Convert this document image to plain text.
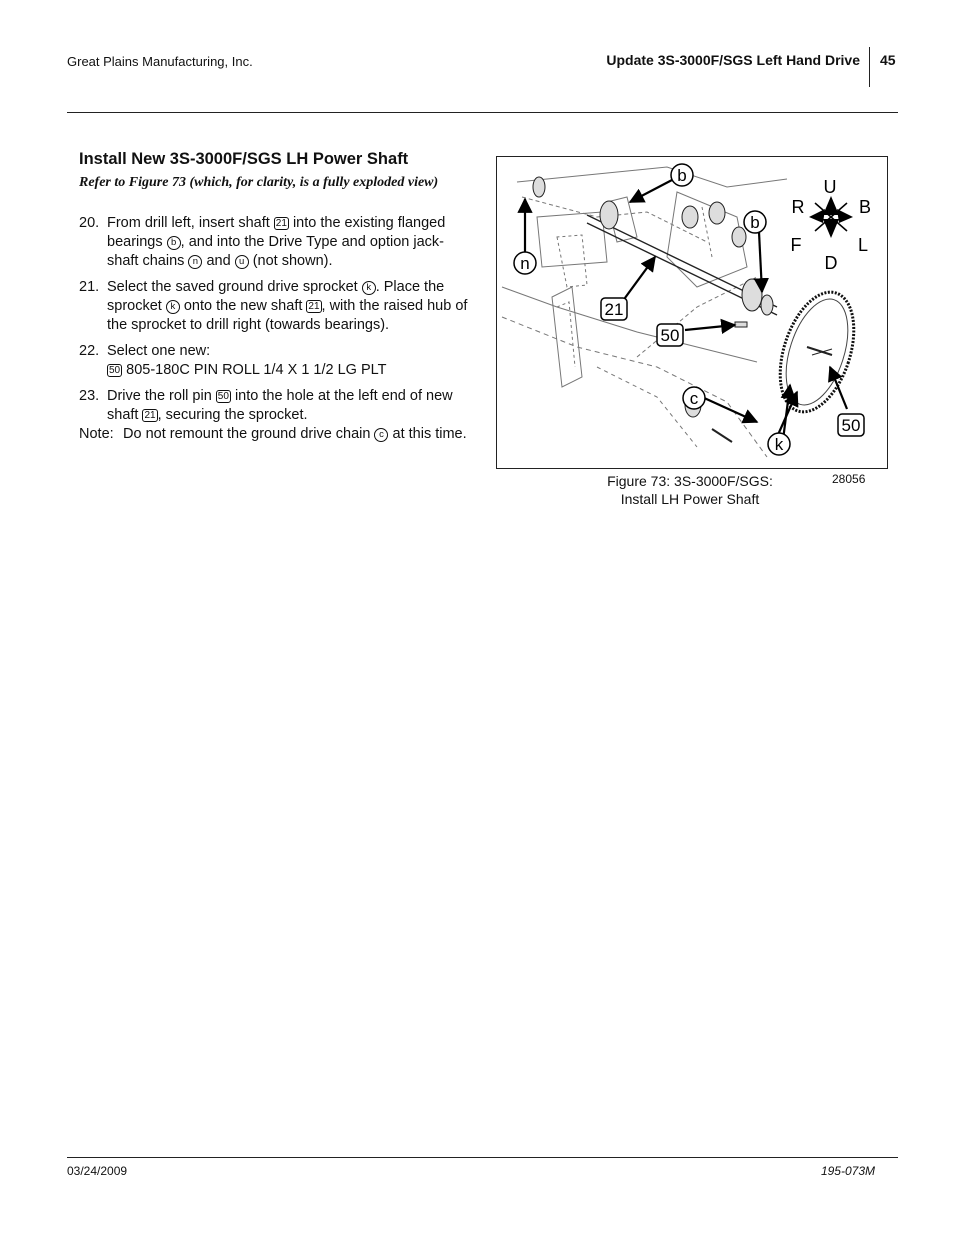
Great Plains Manufacturing, Inc.	Update 3S-3000F/SGS Left Hand Drive 45
Install New 3S-3000F/SGS LH Power Shaft
Refer to Figure 73 (which, for clarity, is a fully exploded view)
20. From drill left, insert shaft 21 into the existing flanged bearings b , and into the Drive Type and option jack-shaft chains n and u (not shown).
21. Select the saved ground drive sprocket k . Place the sprocket k onto the new shaft 21 , with the raised hub of the sprocket to drill right (towards bearings).
22. Select one new:
50 805-180C PIN ROLL 1/4 X 1 1/2 LG PLT
23. Drive the roll pin 50 into the hole at the left end of new shaft 21 , securing the sprocket.
Note: Do not remount the ground drive chain c at this time.
U
D
R	B
F	L
b
b
n
21
50
c
k
50
Figure 73: 3S-3000F/SGS:
Install LH Power Shaft
28056
03/24/2009	195-073M
